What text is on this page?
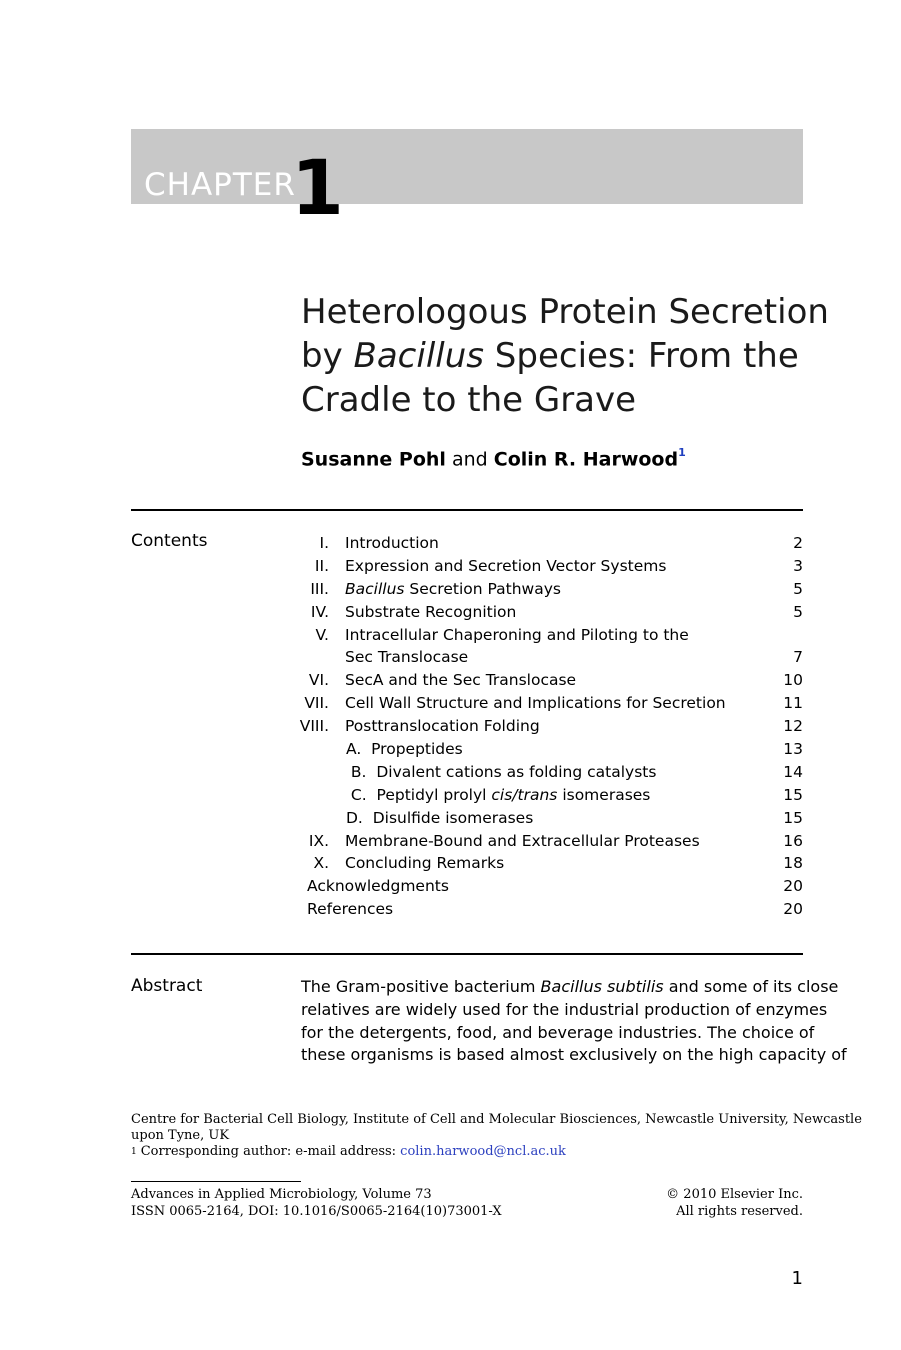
CHAPTER
1
Heterologous Protein Secretion
by Bacillus Species: From the
Cradle to the Grave
Susanne Pohl and Colin R. Harwood$^1$
Contents	I. Introduction	2
II. Expression and Secretion Vector Systems	3
III. Bacillus Secretion Pathways	5
IV. Substrate Recognition	5
V. Intracellular Chaperoning and Piloting to the
Sec Translocase	7
VI. SecA and the Sec Translocase	10
VII. Cell Wall Structure and Implications for Secretion	11
VIII. Posttranslocation Folding	12
A.  Propeptides	13
B.  Divalent cations as folding catalysts	14
C.  Peptidyl prolyl cis/trans isomerases	15
D.  Disulfide isomerases	15
IX. Membrane-Bound and Extracellular Proteases	16
X. Concluding Remarks	18
Acknowledgments	20
References	20
Abstract	The Gram-positive bacterium Bacillus subtilis and some of its close
relatives are widely used for the industrial production of enzymes
for the detergents, food, and beverage industries. The choice of
these organisms is based almost exclusively on the high capacity of
Centre for Bacterial Cell Biology, Institute of Cell and Molecular Biosciences, Newcastle University, Newcastle
upon Tyne, UK
$^1$ Corresponding author: e-mail address: colin.harwood@ncl.ac.uk
Advances in Applied Microbiology, Volume 73
ISSN 0065-2164, DOI: 10.1016/S0065-2164(10)73001-X
© 2010 Elsevier Inc.
All rights reserved.
1
